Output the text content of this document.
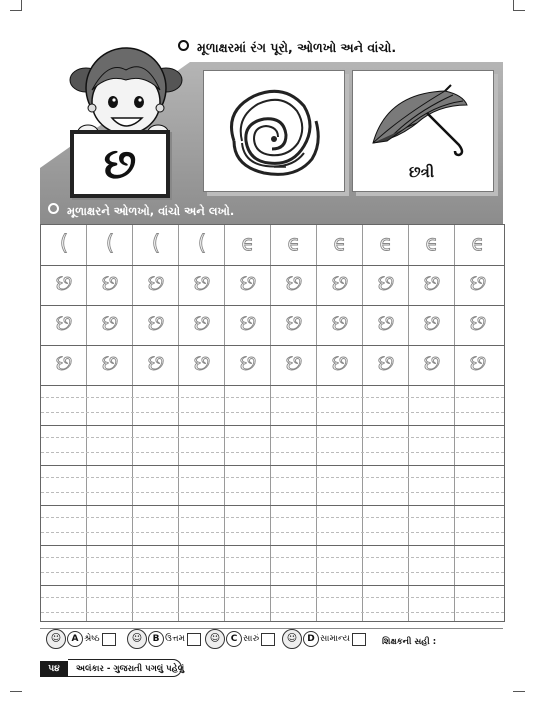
મૂળાક્ષરમાં રંગ પૂરો, ઓળખો અને વાંચો.
મૂળાક્ષરને ઓળખો, વાંચો અને લખો.
છ	છત્રી
(	(	(	(	ϵ	ϵ	ϵ	ϵ	ϵ	ϵ
છ	છ	છ	છ	છ	છ	છ	છ	છ	છ
છ	છ	છ	છ	છ	છ	છ	છ	છ	છ
છ	છ	છ	છ	છ	છ	છ	છ	છ	છ
☺	A શ્રેષ્ઠ	☺	B ઉત્તમ	☺	C સારું	☺	D સામાન્ય	શિક્ષકની સહી :
૫૪	અલંકાર - ગુજરાતી પગલું પહેલું
